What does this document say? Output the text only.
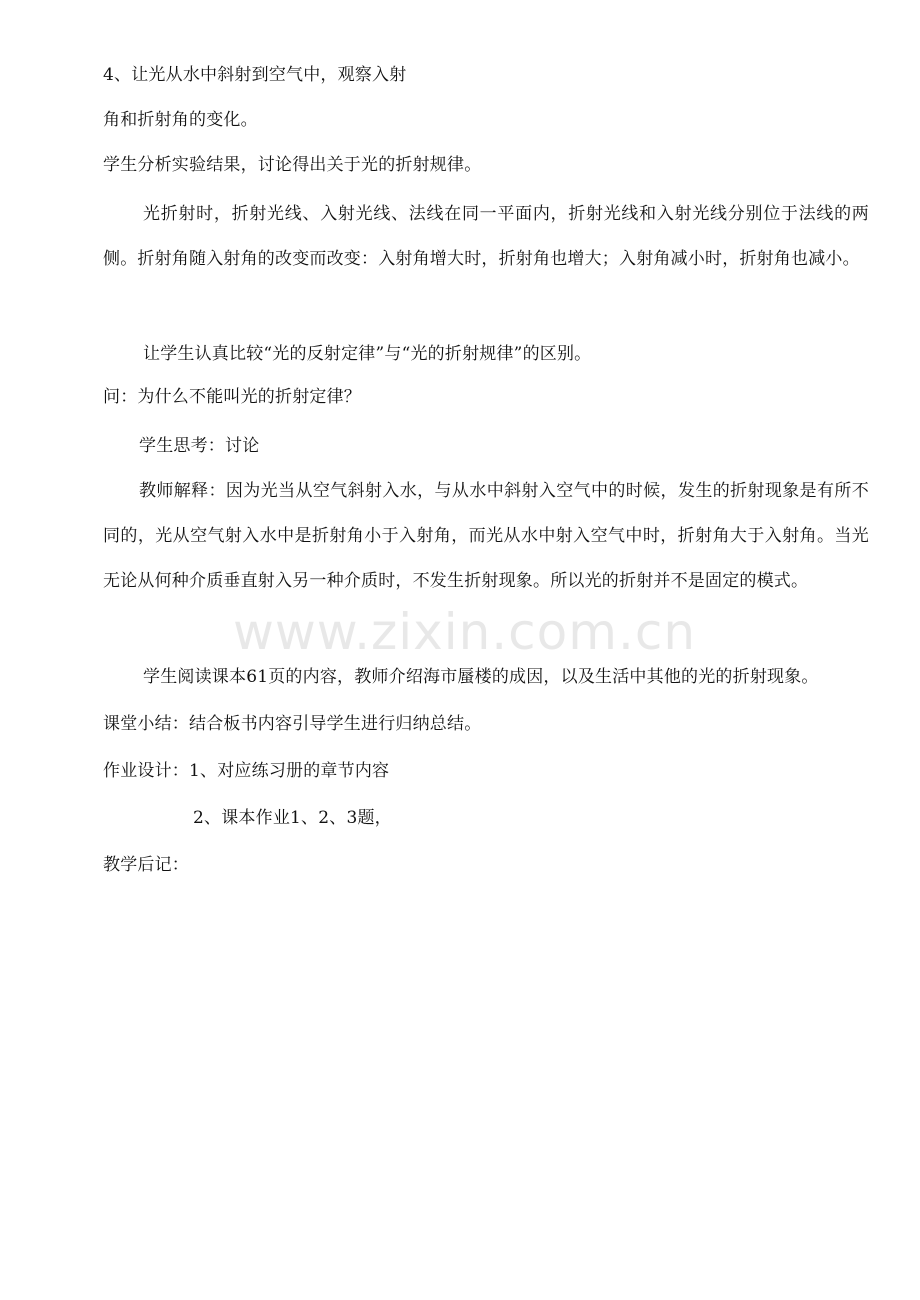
4、让光从水中斜射到空气中，观察入射
角和折射角的变化。
学生分析实验结果，讨论得出关于光的折射规律。
光折射时，折射光线、入射光线、法线在同一平面内，折射光线和入射光线分别位于法线的两侧。折射角随入射角的改变而改变：入射角增大时，折射角也增大；入射角减小时，折射角也减小。
让学生认真比较“光的反射定律”与“光的折射规律”的区别。
问：为什么不能叫光的折射定律？
学生思考：讨论
教师解释：因为光当从空气斜射入水，与从水中斜射入空气中的时候，发生的折射现象是有所不同的，光从空气射入水中是折射角小于入射角，而光从水中射入空气中时，折射角大于入射角。当光无论从何种介质垂直射入另一种介质时，不发生折射现象。所以光的折射并不是固定的模式。
www.zixin.com.cn
学生阅读课本61页的内容，教师介绍海市蜃楼的成因，以及生活中其他的光的折射现象。
课堂小结：结合板书内容引导学生进行归纳总结。
作业设计：1、对应练习册的章节内容
2、课本作业1、2、3题，
教学后记：
